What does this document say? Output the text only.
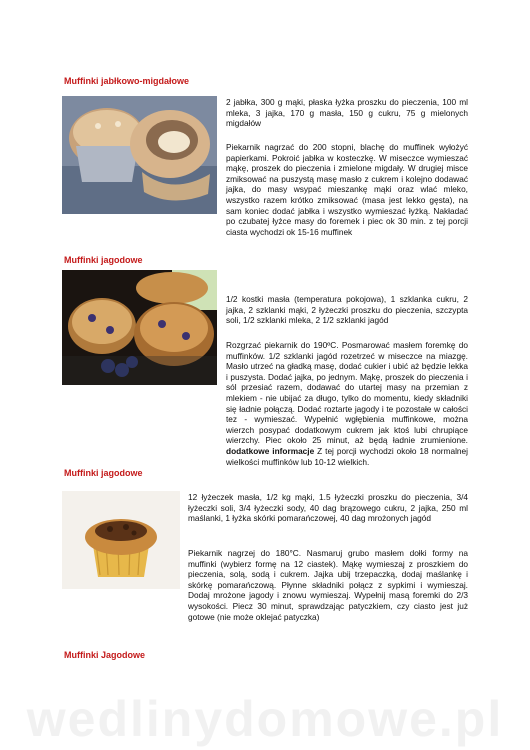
Muffinki jabłkowo-migdałowe

2 jabłka, 300 g mąki, płaska łyżka proszku do pieczenia, 100 ml mleka, 3 jajka, 170 g masła, 150 g cukru, 75 g mielonych migdałów

Piekarnik nagrzać do 200 stopni, blachę do muffinek wyłożyć papierkami. Pokroić jabłka w kosteczkę. W miseczce wymieszać mąkę, proszek do pieczenia i zmielone migdały. W drugiej misce zmiksować na puszystą masę masło z cukrem i kolejno dodawać jajka, do masy wsypać mieszankę mąki oraz wlać mleko, wszystko razem krótko zmiksować (masa jest lekko gęsta), na sam koniec dodać jabłka i wszystko wymieszać łyżką. Nakładać po czubatej łyżce masy do foremek i piec ok 30 min. z tej porcji ciasta wychodzi ok 15-16 muffinek

Muffinki jagodowe

1/2 kostki masła (temperatura pokojowa), 1 szklanka cukru, 2 jajka, 2 szklanki mąki, 2 łyżeczki proszku do pieczenia, szczypta soli, 1/2 szklanki mleka, 2 1/2 szklanki jagód

Rozgrzać piekarnik do 190ºC. Posmarować masłem foremkę do muffinków. 1/2 szklanki jagód rozetrzeć w miseczce na miazgę. Masło utrzeć na gładką masę, dodać cukier i ubić aż będzie lekka i puszysta. Dodać jajka, po jednym. Mąkę, proszek do pieczenia i sól przesiać razem, dodawać do utartej masy na przemian z mlekiem - nie ubijać za długo, tylko do momentu, kiedy składniki się ładnie połączą. Dodać roztarte jagody i te pozostałe w całości tez - wymieszać. Wypełnić wgłębienia muffinkowe, można wierzch posypać dodatkowym cukrem jak ktoś lubi chrupiące wierzchy. Piec około 25 minut, aż będą ładnie zrumienione. dodatkowe informacje Z tej porcji wychodzi około 18 normalnej wielkości muffinków lub 10-12 wielkich.

Muffinki jagodowe

12 łyżeczek masła, 1/2 kg mąki, 1.5 łyżeczki proszku do pieczenia, 3/4 łyżeczki soli, 3/4 łyżeczki sody, 40 dag brązowego cukru, 2 jajka, 250 ml maślanki, 1 łyżka skórki pomarańczowej, 40 dag mrożonych jagód

Piekarnik nagrzej do 180°C. Nasmaruj grubo masłem dołki formy na muffinki (wybierz formę na 12 ciastek). Mąkę wymieszaj z proszkiem do pieczenia, solą, sodą i cukrem. Jajka ubij trzepaczką, dodaj maślankę i skórkę pomarańczową. Płynne składniki połącz z sypkimi i wymieszaj. Dodaj mrożone jagody i znowu wymieszaj. Wypełnij masą foremki do 2/3 wysokości. Piecz 30 minut, sprawdzając patyczkiem, czy ciasto jest już gotowe (nie może oklejać patyczka)

Muffinki Jagodowe
wedlinydomowe.pl
